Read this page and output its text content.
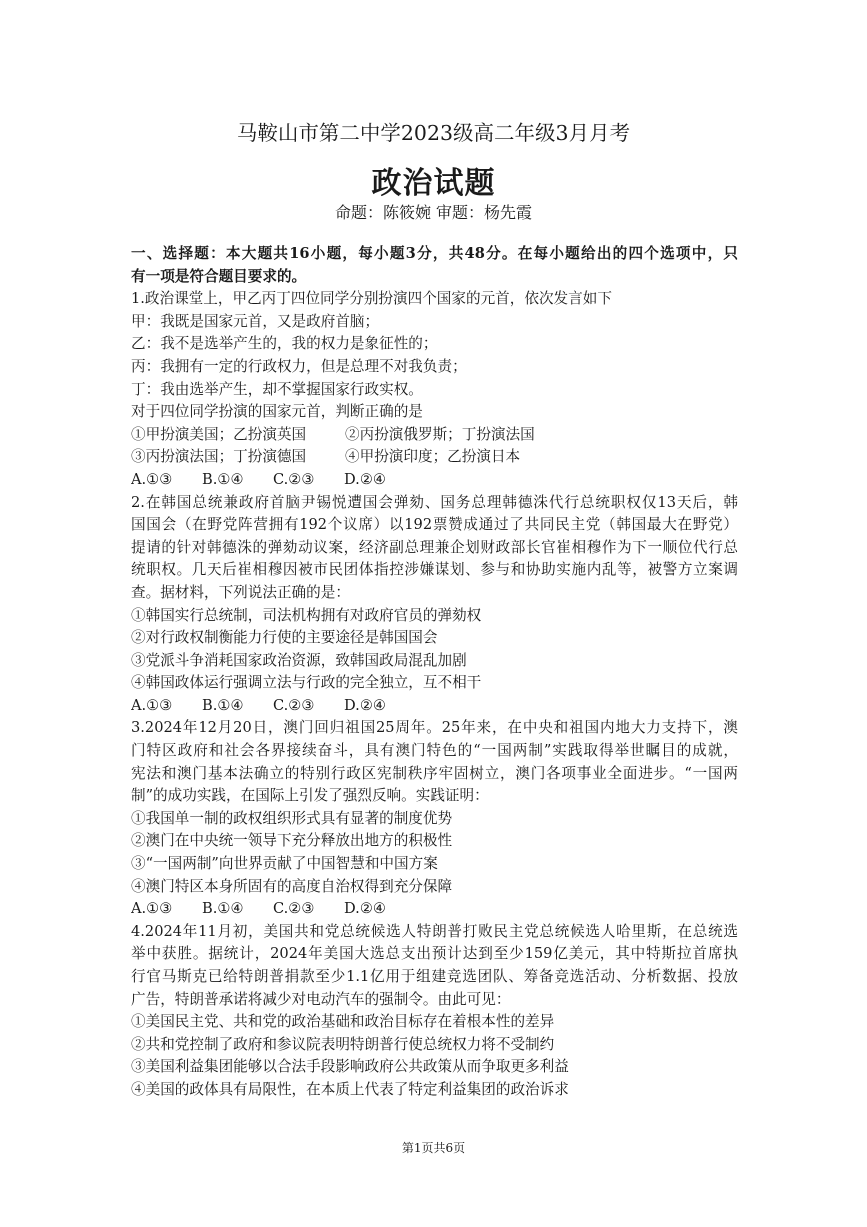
马鞍山市第二中学2023级高二年级3月月考
政治试题
命题：陈筱婉 审题：杨先霞
一、选择题：本大题共16小题，每小题3分，共48分。在每小题给出的四个选项中，只
有一项是符合题目要求的。
1.政治课堂上，甲乙丙丁四位同学分别扮演四个国家的元首，依次发言如下
甲：我既是国家元首，又是政府首脑；
乙：我不是选举产生的，我的权力是象征性的；
丙：我拥有一定的行政权力，但是总理不对我负责；
丁：我由选举产生，却不掌握国家行政实权。
对于四位同学扮演的国家元首，判断正确的是
①甲扮演美国；乙扮演英国	②丙扮演俄罗斯；丁扮演法国
③丙扮演法国；丁扮演德国	④甲扮演印度；乙扮演日本
A.①③ B.①④ C.②③ D.②④
2.在韩国总统兼政府首脑尹锡悦遭国会弹劾、国务总理韩德洙代行总统职权仅13天后，韩
国国会（在野党阵营拥有192个议席）以192票赞成通过了共同民主党（韩国最大在野党）
提请的针对韩德洙的弹劾动议案，经济副总理兼企划财政部长官崔相穆作为下一顺位代行总
统职权。几天后崔相穆因被市民团体指控涉嫌谋划、参与和协助实施内乱等，被警方立案调
查。据材料，下列说法正确的是：
①韩国实行总统制，司法机构拥有对政府官员的弹劾权
②对行政权制衡能力行使的主要途径是韩国国会
③党派斗争消耗国家政治资源，致韩国政局混乱加剧
④韩国政体运行强调立法与行政的完全独立，互不相干
A.①③ B.①④ C.②③ D.②④
3.2024年12月20日，澳门回归祖国25周年。25年来，在中央和祖国内地大力支持下，澳
门特区政府和社会各界接续奋斗，具有澳门特色的“一国两制”实践取得举世瞩目的成就，
宪法和澳门基本法确立的特别行政区宪制秩序牢固树立，澳门各项事业全面进步。“一国两
制”的成功实践，在国际上引发了强烈反响。实践证明：
①我国单一制的政权组织形式具有显著的制度优势
②澳门在中央统一领导下充分释放出地方的积极性
③“一国两制”向世界贡献了中国智慧和中国方案
④澳门特区本身所固有的高度自治权得到充分保障
A.①③ B.①④ C.②③ D.②④
4.2024年11月初，美国共和党总统候选人特朗普打败民主党总统候选人哈里斯，在总统选
举中获胜。据统计，2024年美国大选总支出预计达到至少159亿美元，其中特斯拉首席执
行官马斯克已给特朗普捐款至少1.1亿用于组建竞选团队、筹备竞选活动、分析数据、投放
广告，特朗普承诺将减少对电动汽车的强制令。由此可见：
①美国民主党、共和党的政治基础和政治目标存在着根本性的差异
②共和党控制了政府和参议院表明特朗普行使总统权力将不受制约
③美国利益集团能够以合法手段影响政府公共政策从而争取更多利益
④美国的政体具有局限性，在本质上代表了特定利益集团的政治诉求
第1页共6页
